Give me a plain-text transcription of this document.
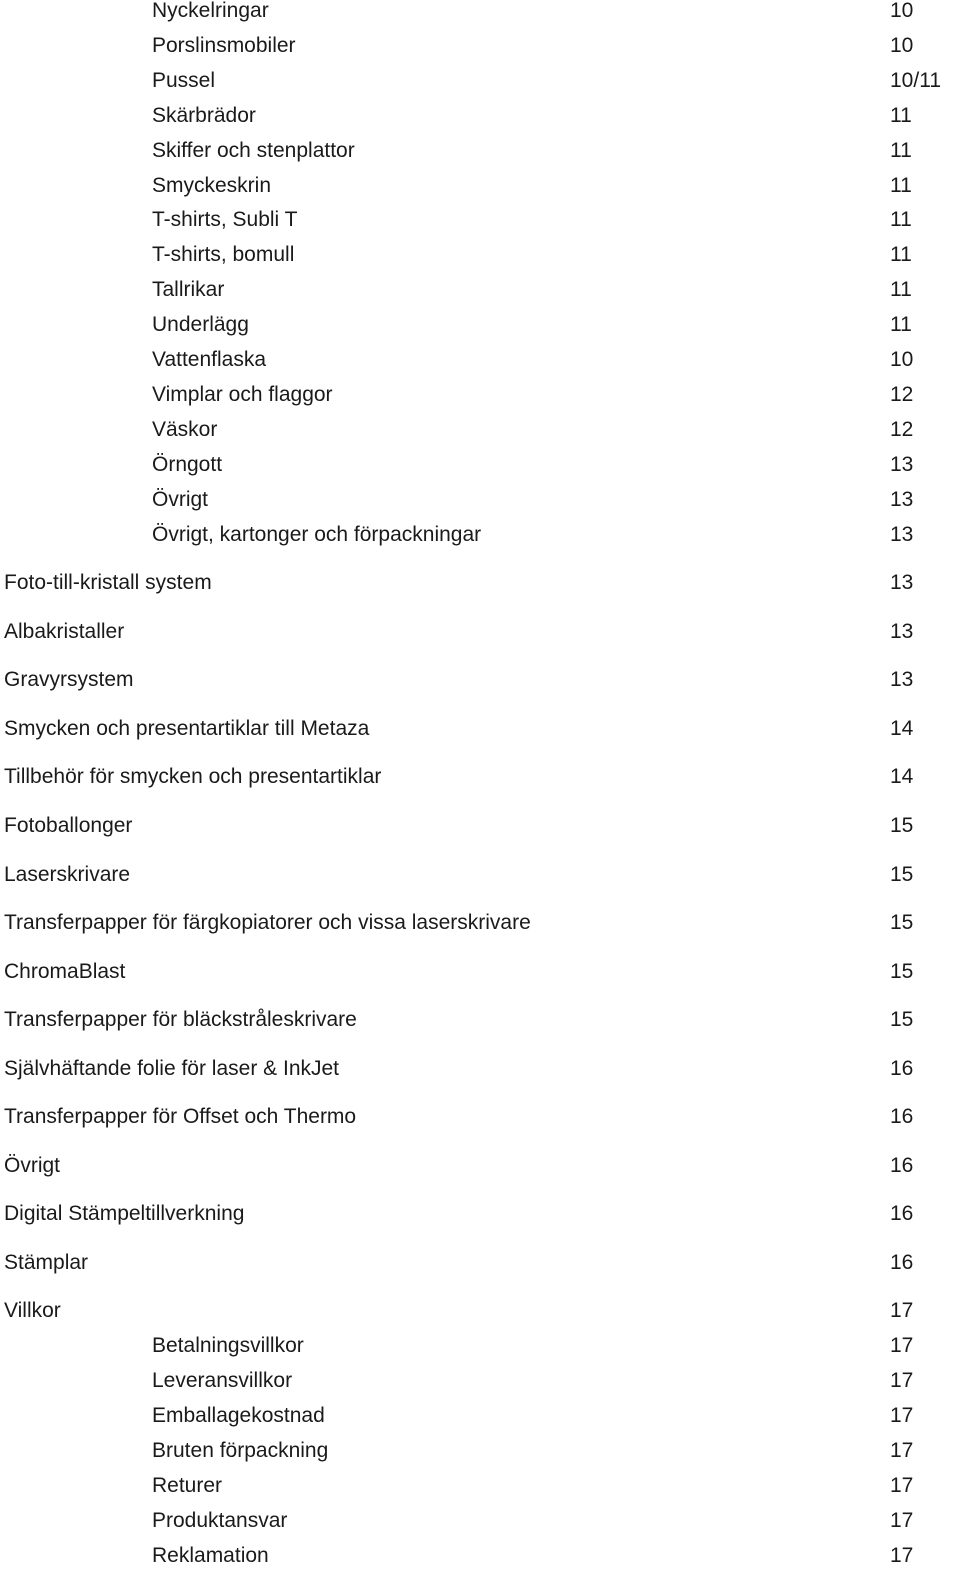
Nyckelringar	10
Porslinsmobiler	10
Pussel	10/11
Skärbrädor	11
Skiffer och stenplattor	11
Smyckeskrin	11
T-shirts, Subli T	11
T-shirts, bomull	11
Tallrikar	11
Underlägg	11
Vattenflaska	10
Vimplar och flaggor	12
Väskor	12
Örngott	13
Övrigt	13
Övrigt, kartonger och förpackningar	13
Foto-till-kristall system	13
Albakristaller	13
Gravyrsystem	13
Smycken och presentartiklar till Metaza	14
Tillbehör för smycken och presentartiklar	14
Fotoballonger	15
Laserskrivare	15
Transferpapper för färgkopiatorer och vissa laserskrivare	15
ChromaBlast	15
Transferpapper för bläckstråleskrivare	15
Självhäftande folie för laser & InkJet	16
Transferpapper för Offset och Thermo	16
Övrigt	16
Digital Stämpeltillverkning	16
Stämplar	16
Villkor	17
Betalningsvillkor	17
Leveransvillkor	17
Emballagekostnad	17
Bruten förpackning	17
Returer	17
Produktansvar	17
Reklamation	17
